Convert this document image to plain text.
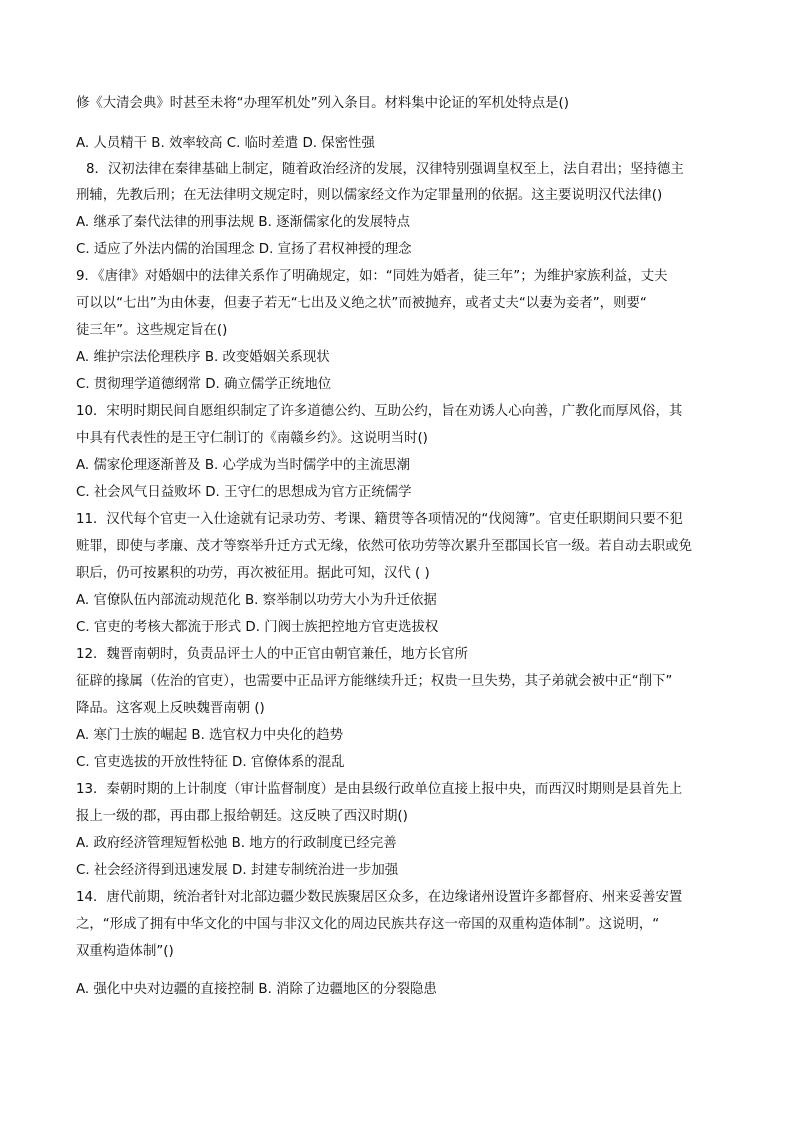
修《大清会典》时甚至未将“办理军机处”列入条目。材料集中论证的军机处特点是()
A. 人员精干 B. 效率较高 C. 临时差遣 D. 保密性强
8．汉初法律在秦律基础上制定，随着政治经济的发展，汉律特别强调皇权至上，法自君出；坚持德主
刑辅，先教后刑；在无法律明文规定时，则以儒家经文作为定罪量刑的依据。这主要说明汉代法律()
A. 继承了秦代法律的刑事法规 B. 逐渐儒家化的发展特点
C. 适应了外法内儒的治国理念 D. 宣扬了君权神授的理念
9．《唐律》对婚姻中的法律关系作了明确规定，如：“同姓为婚者，徒三年”；为维护家族利益，丈夫
可以以“七出”为由休妻，但妻子若无“七出及义绝之状”而被抛弃，或者丈夫“以妻为妾者”，则要“
徒三年”。这些规定旨在()
A. 维护宗法伦理秩序 B. 改变婚姻关系现状
C. 贯彻理学道德纲常 D. 确立儒学正统地位
10．宋明时期民间自愿组织制定了许多道德公约、互助公约，旨在劝诱人心向善，广教化而厚风俗，其
中具有代表性的是王守仁制订的《南赣乡约》。这说明当时()
A. 儒家伦理逐渐普及 B. 心学成为当时儒学中的主流思潮
C. 社会风气日益败坏 D. 王守仁的思想成为官方正统儒学
11．汉代每个官吏一入仕途就有记录功劳、考课、籍贯等各项情况的“伐阅簿”。官吏任职期间只要不犯
赃罪，即使与孝廉、茂才等察举升迁方式无缘，依然可依功劳等次累升至郡国长官一级。若自动去职或免
职后，仍可按累积的功劳，再次被征用。据此可知，汉代 ( )
A. 官僚队伍内部流动规范化 B. 察举制以功劳大小为升迁依据
C. 官吏的考核大都流于形式 D. 门阀士族把控地方官吏选拔权
12．魏晋南朝时，负责品评士人的中正官由朝官兼任，地方长官所
征辟的掾属（佐治的官吏），也需要中正品评方能继续升迁；权贵一旦失势，其子弟就会被中正“削下”
降品。这客观上反映魏晋南朝 ()
A. 寒门士族的崛起 B. 选官权力中央化的趋势
C. 官吏选拔的开放性特征 D. 官僚体系的混乱
13．秦朝时期的上计制度（审计监督制度）是由县级行政单位直接上报中央，而西汉时期则是县首先上
报上一级的郡，再由郡上报给朝廷。这反映了西汉时期()
A. 政府经济管理短暂松弛 B. 地方的行政制度已经完善
C. 社会经济得到迅速发展 D. 封建专制统治进一步加强
14．唐代前期，统治者针对北部边疆少数民族聚居区众多，在边缘诸州设置许多都督府、州来妥善安置
之，“形成了拥有中华文化的中国与非汉文化的周边民族共存这一帝国的双重构造体制”。这说明，“
双重构造体制”()
A. 强化中央对边疆的直接控制 B. 消除了边疆地区的分裂隐患
